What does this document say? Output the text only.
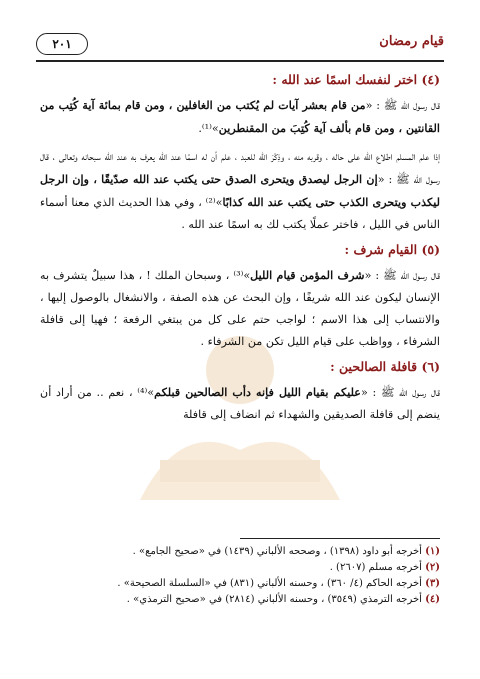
قيام رمضان
٢٠١
(٤) اختر لنفسك اسمًا عند الله :

قال رسول الله ﷺ : «من قام بعشر آيات لم يُكتب من الغافلين ، ومن قام بمائة آية كُتِب من القانتين ، ومن قام بألف آية كُتِبَ من المقنطرين»⁽¹⁾.

إذا علم المسلم اطلاع الله على حاله ، وقربه منه ، وذِكْرَ الله للعبد ، علم أن له اسمًا عند الله يعرف به عند الله سبحانه وتعالى ، قال رسول الله ﷺ : «إن الرجل ليصدق ويتحرى الصدق حتى يكتب عند الله صدّيقًا ، وإن الرجل ليكذب ويتحرى الكذب حتى يكتب عند الله كذابًا»⁽²⁾ ، وفي هذا الحديث الذي معنا أسماء الناس في الليل ، فاختر عملًا يكتب لك به اسمًا عند الله .

(٥) القيام شرف :

قال رسول الله ﷺ : «شرف المؤمن قيام الليل»⁽³⁾ ، وسبحان الملك ! ، هذا سبيلٌ يتشرف به الإنسان ليكون عند الله شريفًا ، وإن البحث عن هذه الصفة ، والانشغال بالوصول إليها ، والانتساب إلى هذا الاسم ؛ لواجب حتم على كل من يبتغي الرفعة ؛ فهيا إلى قافلة الشرفاء ، وواظب على قيام الليل تكن من الشرفاء .

(٦) قافلة الصالحين :

قال رسول الله ﷺ : «عليكم بقيام الليل فإنه دأب الصالحين قبلكم»⁽⁴⁾ ، نعم .. من أراد أن ينضم إلى قافلة الصديقين والشهداء ثم انضاف إلى قافلة

(١) أخرجه أبو داود (١٣٩٨) ، وصححه الألباني (١٤٣٩) في «صحيح الجامع» .

(٢) أخرجه مسلم (٢٦٠٧) .

(٣) أخرجه الحاكم (٤/ ٣٦٠) ، وحسنه الألباني (٨٣١) في «السلسلة الصحيحة» .

(٤) أخرجه الترمذي (٣٥٤٩) ، وحسنه الألباني (٢٨١٤) في «صحيح الترمذي» .
